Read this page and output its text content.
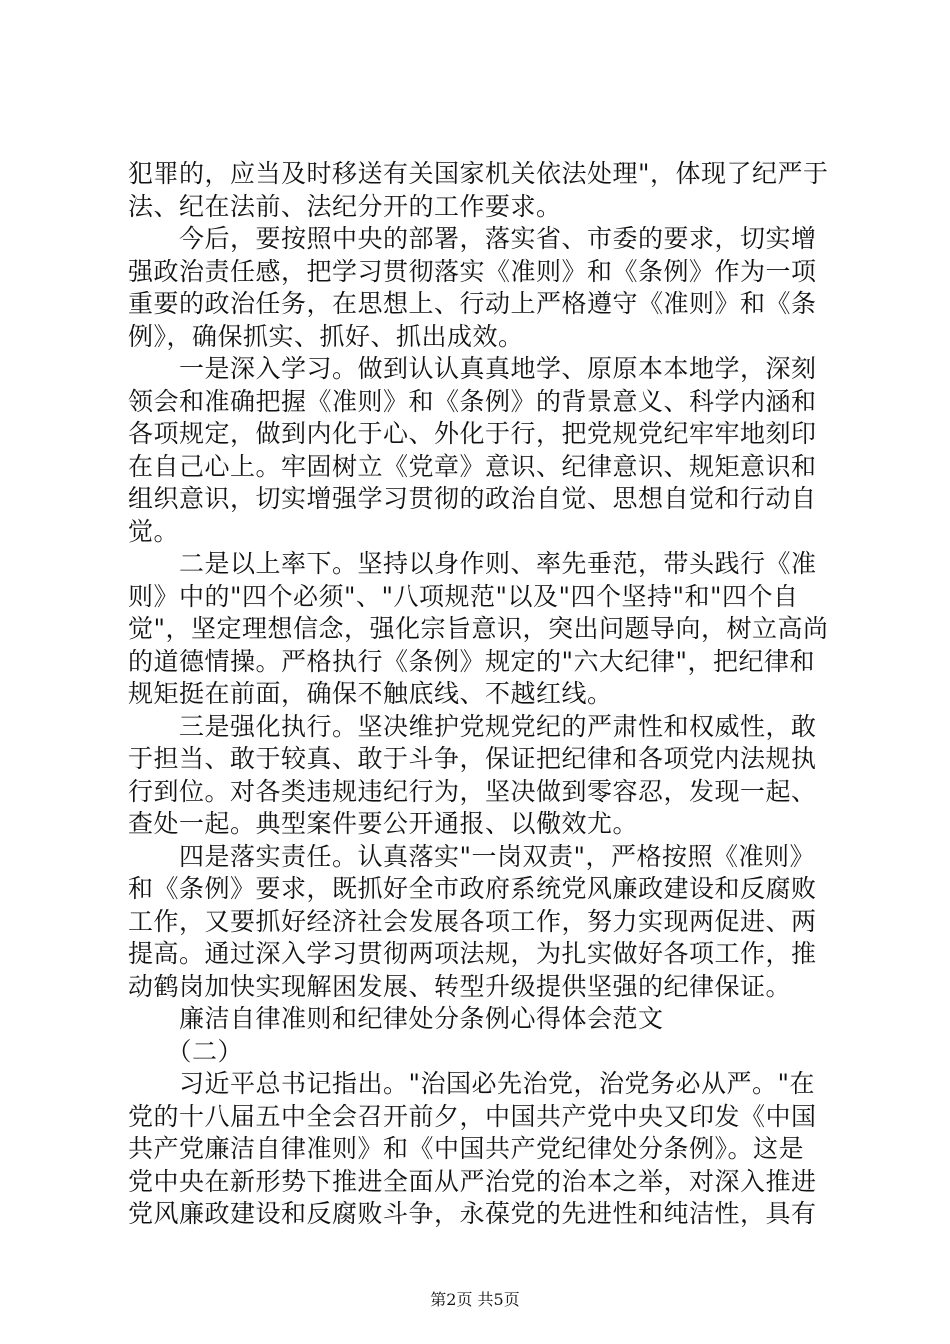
犯罪的，应当及时移送有关国家机关依法处理"，体现了纪严于
法、纪在法前、法纪分开的工作要求。
　　今后，要按照中央的部署，落实省、市委的要求，切实增
强政治责任感，把学习贯彻落实《准则》和《条例》作为一项
重要的政治任务，在思想上、行动上严格遵守《准则》和《条
例》，确保抓实、抓好、抓出成效。
　　一是深入学习。做到认认真真地学、原原本本地学，深刻
领会和准确把握《准则》和《条例》的背景意义、科学内涵和
各项规定，做到内化于心、外化于行，把党规党纪牢牢地刻印
在自己心上。牢固树立《党章》意识、纪律意识、规矩意识和
组织意识，切实增强学习贯彻的政治自觉、思想自觉和行动自
觉。
　　二是以上率下。坚持以身作则、率先垂范，带头践行《准
则》中的"四个必须"、"八项规范"以及"四个坚持"和"四个自
觉"，坚定理想信念，强化宗旨意识，突出问题导向，树立高尚
的道德情操。严格执行《条例》规定的"六大纪律"，把纪律和
规矩挺在前面，确保不触底线、不越红线。
　　三是强化执行。坚决维护党规党纪的严肃性和权威性，敢
于担当、敢于较真、敢于斗争，保证把纪律和各项党内法规执
行到位。对各类违规违纪行为，坚决做到零容忍，发现一起、
查处一起。典型案件要公开通报、以儆效尤。
　　四是落实责任。认真落实"一岗双责"，严格按照《准则》
和《条例》要求，既抓好全市政府系统党风廉政建设和反腐败
工作，又要抓好经济社会发展各项工作，努力实现两促进、两
提高。通过深入学习贯彻两项法规，为扎实做好各项工作，推
动鹤岗加快实现解困发展、转型升级提供坚强的纪律保证。
　　廉洁自律准则和纪律处分条例心得体会范文
　　（二）
　　习近平总书记指出。"治国必先治党，治党务必从严。"在
党的十八届五中全会召开前夕，中国共产党中央又印发《中国
共产党廉洁自律准则》和《中国共产党纪律处分条例》。这是
党中央在新形势下推进全面从严治党的治本之举，对深入推进
党风廉政建设和反腐败斗争，永葆党的先进性和纯洁性，具有
第2页 共5页
